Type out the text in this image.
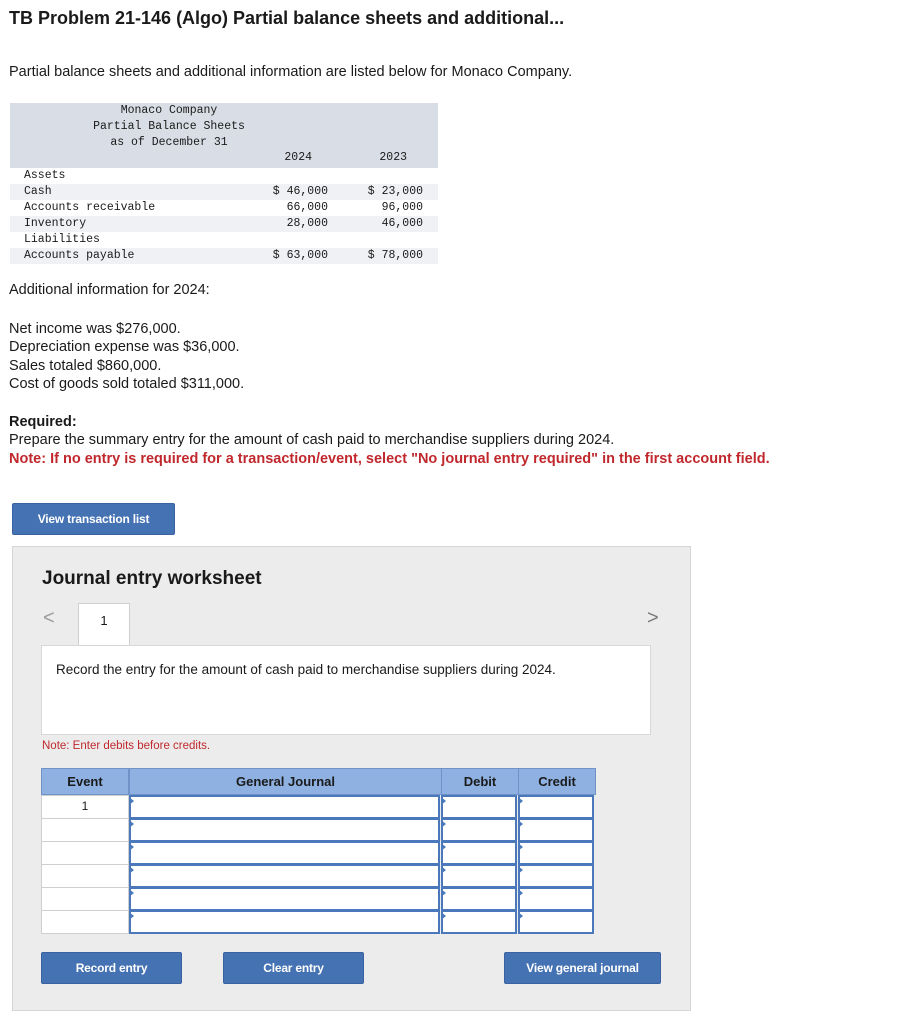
TB Problem 21-146 (Algo) Partial balance sheets and additional...

Partial balance sheets and additional information are listed below for Monaco Company.

Monaco Company
Partial Balance Sheets
as of December 31
2024	2023
Assets
Cash	$ 46,000	$ 23,000
Accounts receivable	66,000	96,000
Inventory	28,000	46,000
Liabilities
Accounts payable	$ 63,000	$ 78,000

Additional information for 2024:

Net income was $276,000.
Depreciation expense was $36,000.
Sales totaled $860,000.
Cost of goods sold totaled $311,000.
Required:
Prepare the summary entry for the amount of cash paid to merchandise suppliers during 2024.
Note: If no entry is required for a transaction/event, select "No journal entry required" in the first account field.
View transaction list
Journal entry worksheet
<	1	>
Record the entry for the amount of cash paid to merchandise suppliers during 2024.
Note: Enter debits before credits.
Event	General Journal	Debit	Credit
1
Record entry	Clear entry	View general journal
